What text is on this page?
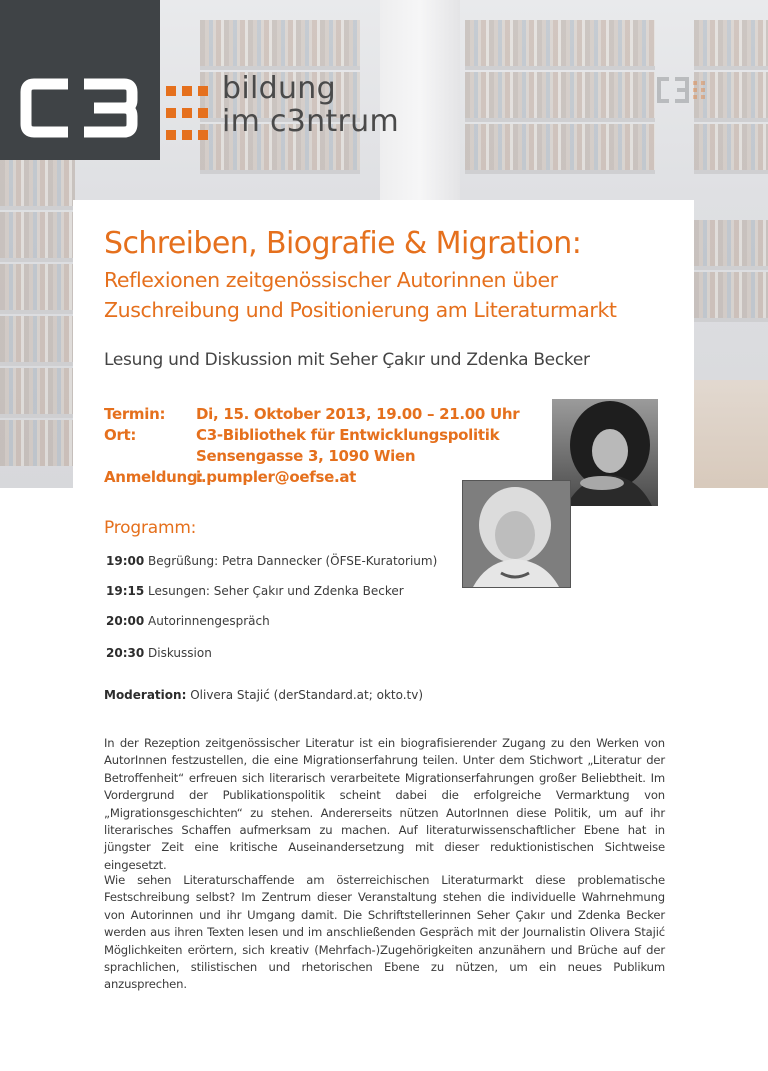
bildung
im c3ntrum
Schreiben, Biografie & Migration:
Reflexionen zeitgenössischer Autorinnen über
Zuschreibung und Positionierung am Literaturmarkt
Lesung und Diskussion mit Seher Çakır und Zdenka Becker
Termin: Di, 15. Oktober 2013, 19.00 – 21.00 Uhr
Ort:	C3-Bibliothek für Entwicklungspolitik
Sensengasse 3, 1090 Wien
Anmeldung:
i.pumpler@oefse.at
Programm:
19:00 Begrüßung: Petra Dannecker (ÖFSE-Kuratorium)
19:15 Lesungen: Seher Çakır und Zdenka Becker
20:00 Autorinnengespräch
20:30 Diskussion
Moderation: Olivera Stajić (derStandard.at; okto.tv)
In der Rezeption zeitgenössischer Literatur ist ein biografisierender Zugang zu den Werken von AutorInnen festzustellen, die eine Migrationserfahrung teilen. Unter dem Stichwort „Literatur der Betroffenheit“ erfreuen sich literarisch verarbeitete Migrationserfahrungen großer Beliebtheit. Im Vordergrund der Publikationspolitik scheint dabei die erfolgreiche Vermarktung von „Migrationsgeschichten“ zu stehen. Andererseits nützen AutorInnen diese Politik, um auf ihr literarisches Schaffen aufmerksam zu machen. Auf literaturwissenschaftlicher Ebene hat in jüngster Zeit eine kritische Auseinandersetzung mit dieser reduktionistischen Sichtweise eingesetzt.
Wie sehen Literaturschaffende am österreichischen Literaturmarkt diese problematische Festschreibung selbst? Im Zentrum dieser Veranstaltung stehen die individuelle Wahrnehmung von Autorinnen und ihr Umgang damit. Die Schriftstellerinnen Seher Çakır und Zdenka Becker werden aus ihren Texten lesen und im anschließenden Gespräch mit der Journalistin Olivera Stajić Möglichkeiten erörtern, sich kreativ (Mehrfach-)Zugehörigkeiten anzunähern und Brüche auf der sprachlichen, stilistischen und rhetorischen Ebene zu nützen, um ein neues Publikum anzusprechen.
